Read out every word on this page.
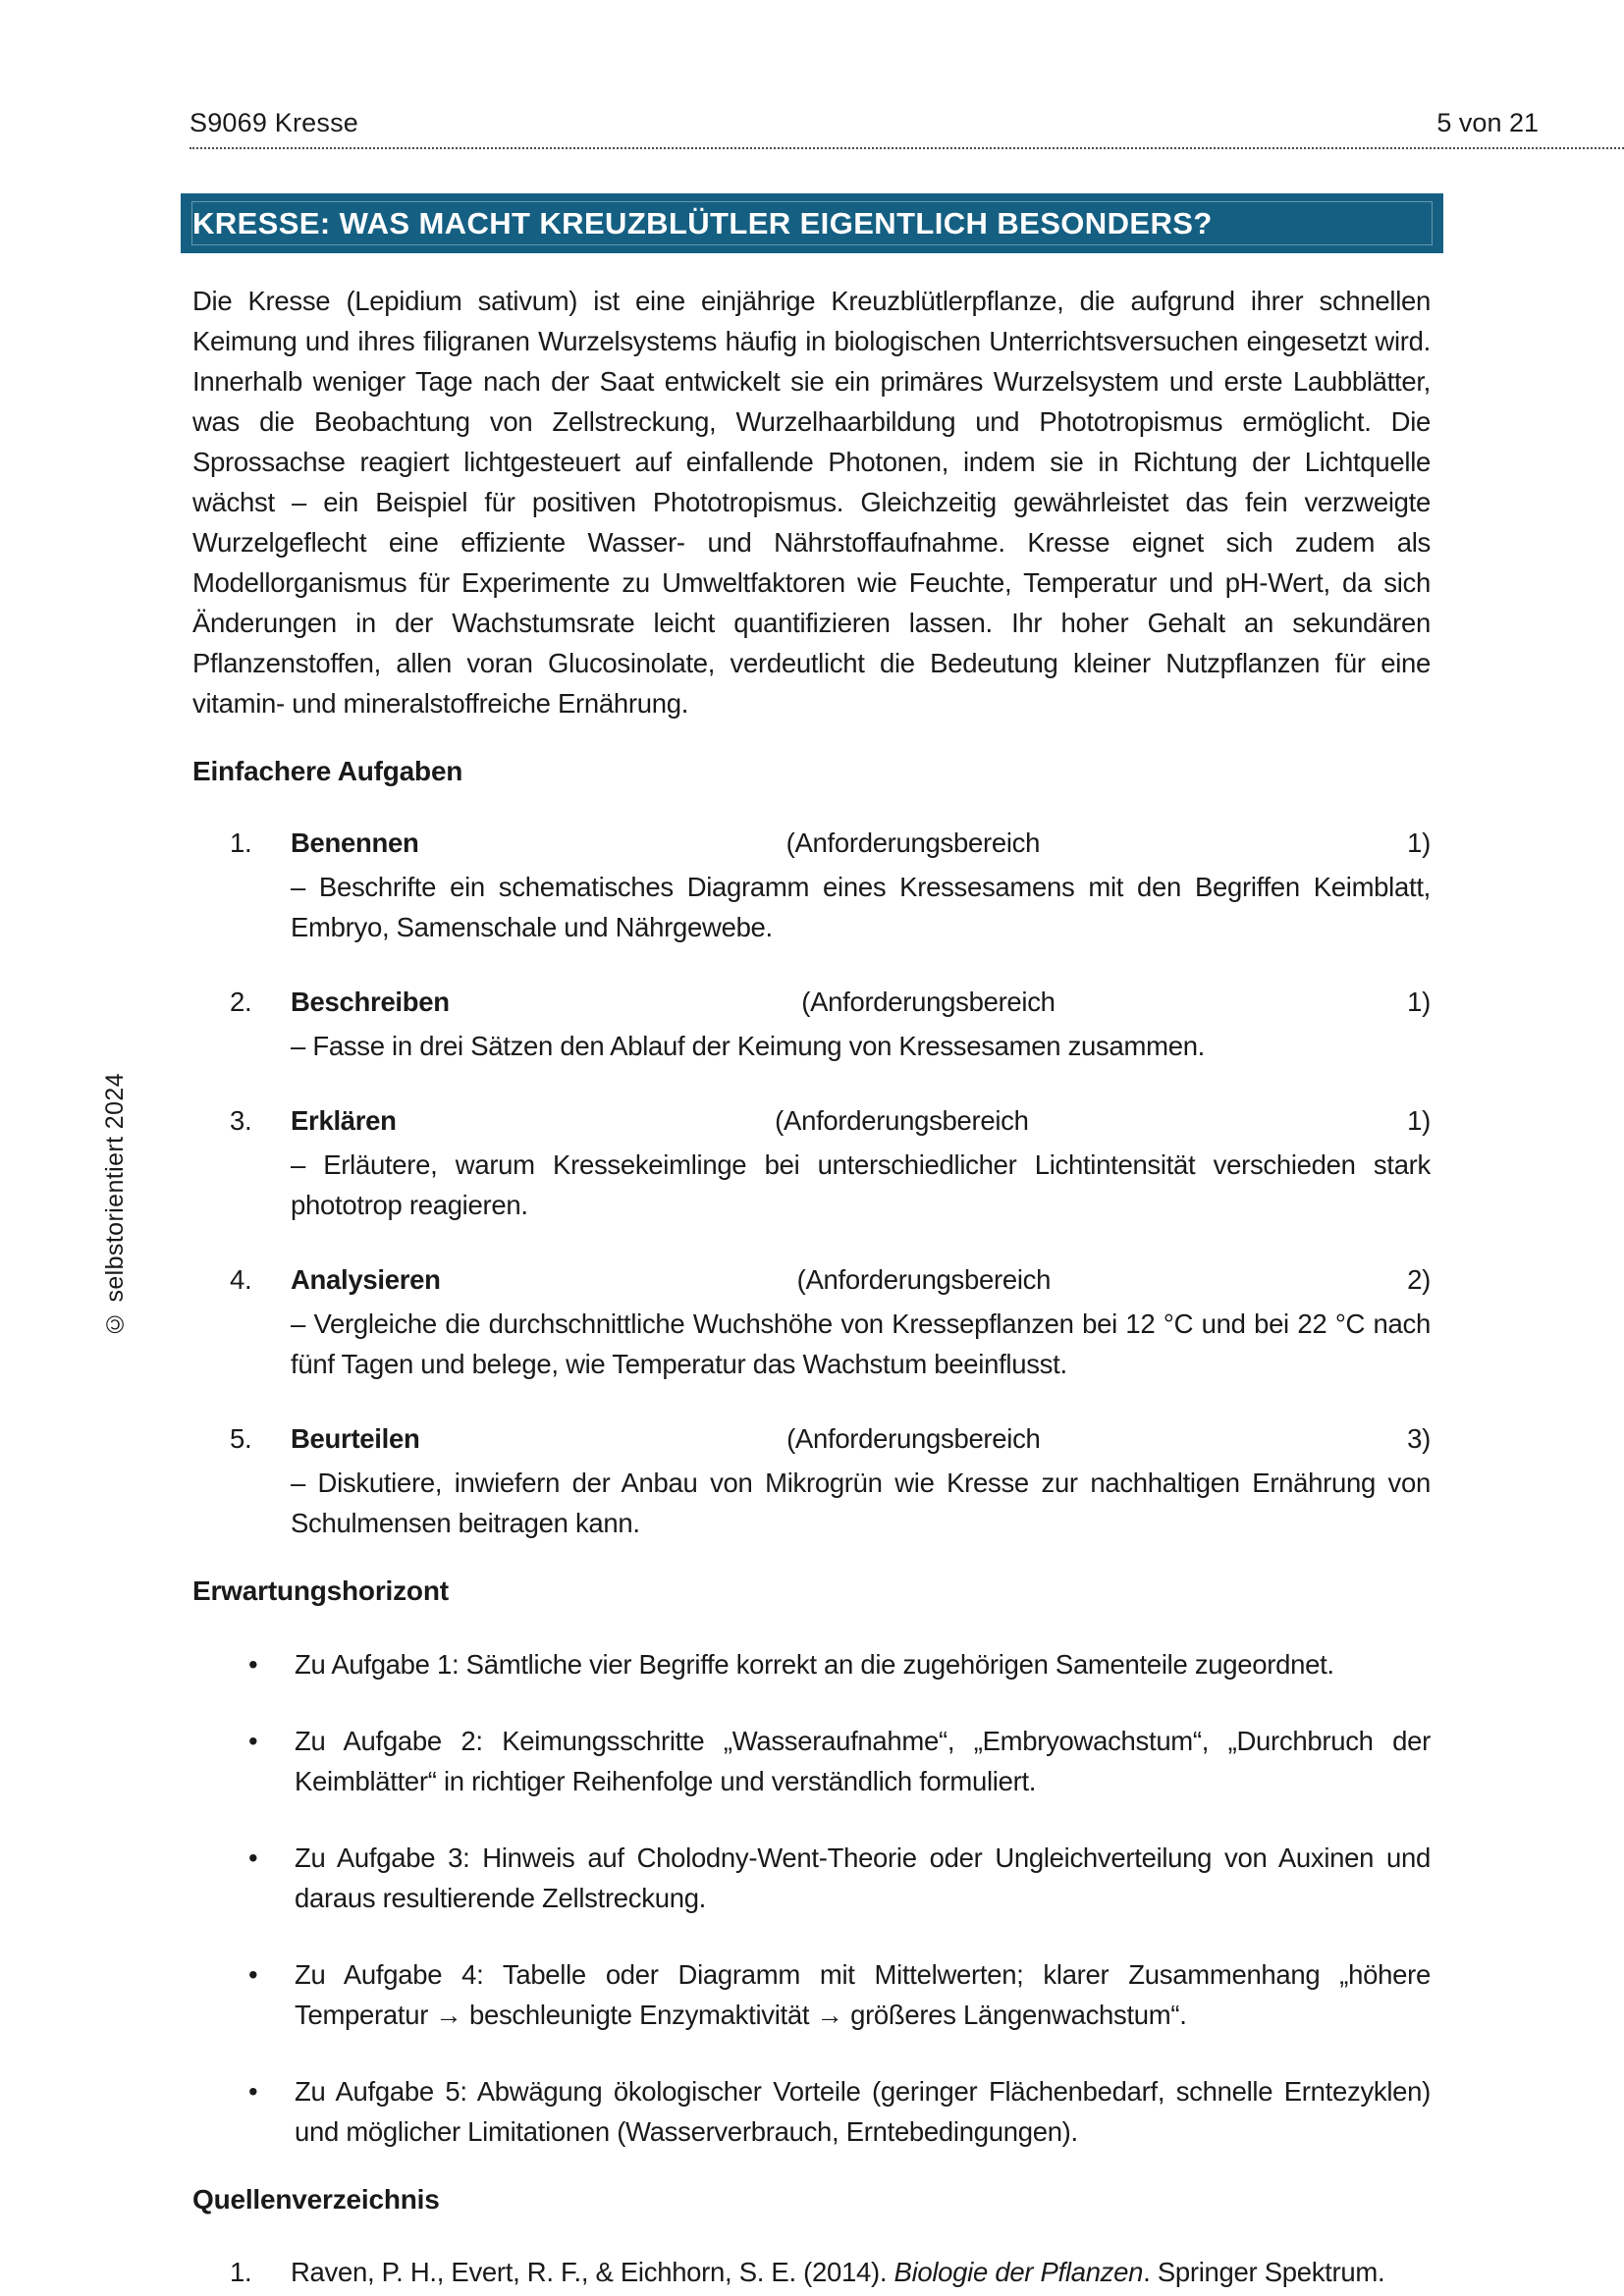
S9069 Kresse	5 von 21
KRESSE: WAS MACHT KREUZBLÜTLER EIGENTLICH BESONDERS?
© selbstorientiert 2024

Die Kresse (Lepidium sativum) ist eine einjährige Kreuzblütlerpflanze, die aufgrund ihrer schnellen Keimung und ihres filigranen Wurzelsystems häufig in biologischen Unterrichtsversuchen eingesetzt wird. Innerhalb weniger Tage nach der Saat entwickelt sie ein primäres Wurzelsystem und erste Laubblätter, was die Beobachtung von Zellstreckung, Wurzelhaarbildung und Phototropismus ermöglicht. Die Sprossachse reagiert lichtgesteuert auf einfallende Photonen, indem sie in Richtung der Lichtquelle wächst – ein Beispiel für positiven Phototropismus. Gleichzeitig gewährleistet das fein verzweigte Wurzelgeflecht eine effiziente Wasser- und Nährstoffaufnahme. Kresse eignet sich zudem als Modellorganismus für Experimente zu Umweltfaktoren wie Feuchte, Temperatur und pH-Wert, da sich Änderungen in der Wachstumsrate leicht quantifizieren lassen. Ihr hoher Gehalt an sekundären Pflanzenstoffen, allen voran Glucosinolate, verdeutlicht die Bedeutung kleiner Nutzpflanzen für eine vitamin- und mineralstoffreiche Ernährung.

Einfachere Aufgaben
1. Benennen	(Anforderungsbereich	1)
– Beschrifte ein schematisches Diagramm eines Kressesamens mit den Begriffen Keimblatt, Embryo, Samenschale und Nährgewebe.
2. Beschreiben	(Anforderungsbereich	1)
– Fasse in drei Sätzen den Ablauf der Keimung von Kressesamen zusammen.
3. Erklären	(Anforderungsbereich	1)
– Erläutere, warum Kressekeimlinge bei unterschiedlicher Lichtintensität verschieden stark phototrop reagieren.
4. Analysieren	(Anforderungsbereich	2)
– Vergleiche die durchschnittliche Wuchshöhe von Kressepflanzen bei 12 °C und bei 22 °C nach fünf Tagen und belege, wie Temperatur das Wachstum beeinflusst.
5. Beurteilen	(Anforderungsbereich	3)
– Diskutiere, inwiefern der Anbau von Mikrogrün wie Kresse zur nachhaltigen Ernährung von Schulmensen beitragen kann.
Erwartungshorizont
• Zu Aufgabe 1: Sämtliche vier Begriffe korrekt an die zugehörigen Samenteile zugeordnet.
• Zu Aufgabe 2: Keimungsschritte „Wasseraufnahme“, „Embryowachstum“, „Durchbruch der Keimblätter“ in richtiger Reihenfolge und verständlich formuliert.
• Zu Aufgabe 3: Hinweis auf Cholodny-Went-Theorie oder Ungleichverteilung von Auxinen und daraus resultierende Zellstreckung.
• Zu Aufgabe 4: Tabelle oder Diagramm mit Mittelwerten; klarer Zusammenhang „höhere Temperatur → beschleunigte Enzymaktivität → größeres Längenwachstum“.
• Zu Aufgabe 5: Abwägung ökologischer Vorteile (geringer Flächenbedarf, schnelle Erntezyklen) und möglicher Limitationen (Wasserverbrauch, Erntebedingungen).
Quellenverzeichnis
1. Raven, P. H., Evert, R. F., & Eichhorn, S. E. (2014). Biologie der Pflanzen. Springer Spektrum.
